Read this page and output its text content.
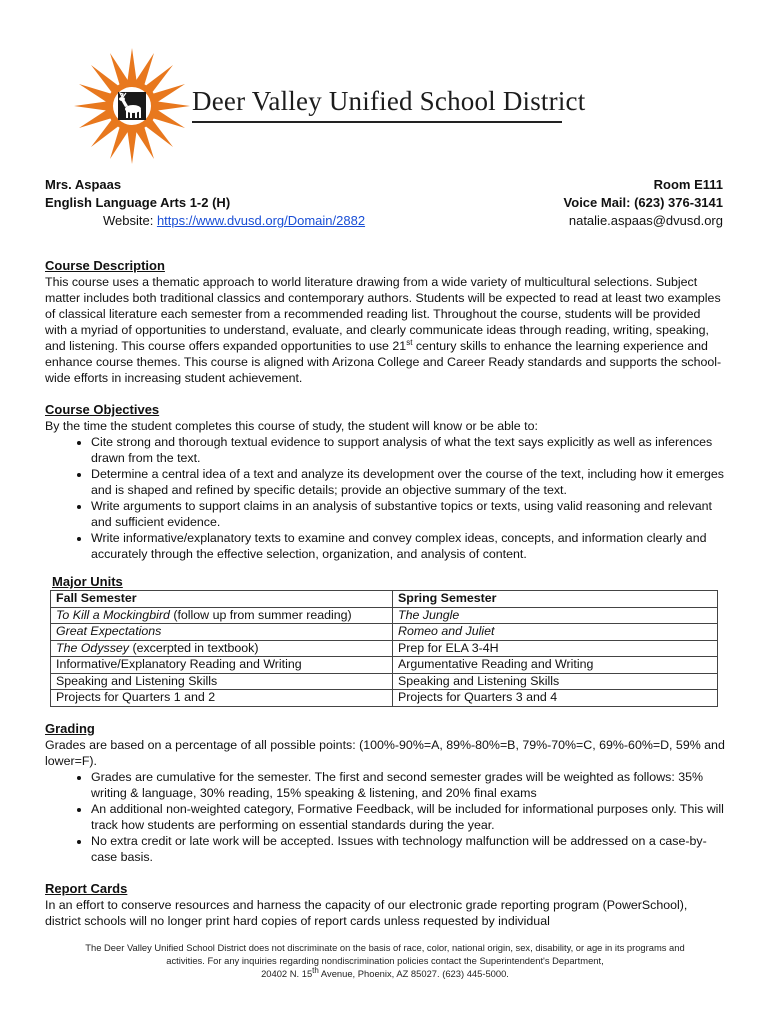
Deer Valley Unified School District
Mrs. Aspaas
English Language Arts 1-2 (H)
Website: https://www.dvusd.org/Domain/2882
Room E111
Voice Mail: (623) 376-3141
natalie.aspaas@dvusd.org
Course Description

This course uses a thematic approach to world literature drawing from a wide variety of multicultural selections. Subject matter includes both traditional classics and contemporary authors. Students will be expected to read at least two examples of classical literature each semester from a recommended reading list. Throughout the course, students will be provided with a myriad of opportunities to understand, evaluate, and clearly communicate ideas through reading, writing, speaking, and listening. This course offers expanded opportunities to use 21st century skills to enhance the learning experience and enhance course themes. This course is aligned with Arizona College and Career Ready standards and supports the school-wide efforts in increasing student achievement.

Course Objectives

By the time the student completes this course of study, the student will know or be able to:

• Cite strong and thorough textual evidence to support analysis of what the text says explicitly as well as inferences drawn from the text.
• Determine a central idea of a text and analyze its development over the course of the text, including how it emerges and is shaped and refined by specific details; provide an objective summary of the text.
• Write arguments to support claims in an analysis of substantive topics or texts, using valid reasoning and relevant and sufficient evidence.
• Write informative/explanatory texts to examine and convey complex ideas, concepts, and information clearly and accurately through the effective selection, organization, and analysis of content.
Major Units
Fall Semester	Spring Semester
To Kill a Mockingbird (follow up from summer reading)	The Jungle
Great Expectations	Romeo and Juliet
The Odyssey (excerpted in textbook)	Prep for ELA 3-4H
Informative/Explanatory Reading and Writing	Argumentative Reading and Writing
Speaking and Listening Skills	Speaking and Listening Skills
Projects for Quarters 1 and 2	Projects for Quarters 3 and 4
Grading

Grades are based on a percentage of all possible points: (100%-90%=A, 89%-80%=B, 79%-70%=C, 69%-60%=D, 59% and lower=F).

• Grades are cumulative for the semester. The first and second semester grades will be weighted as follows: 35% writing & language, 30% reading, 15% speaking & listening, and 20% final exams
• An additional non-weighted category, Formative Feedback, will be included for informational purposes only. This will track how students are performing on essential standards during the year.
• No extra credit or late work will be accepted. Issues with technology malfunction will be addressed on a case-by-case basis.
Report Cards

In an effort to conserve resources and harness the capacity of our electronic grade reporting program (PowerSchool), district schools will no longer print hard copies of report cards unless requested by individual

The Deer Valley Unified School District does not discriminate on the basis of race, color, national origin, sex, disability, or age in its programs and
activities. For any inquiries regarding nondiscrimination policies contact the Superintendent's Department,
20402 N. 15th Avenue, Phoenix, AZ 85027. (623) 445-5000.
